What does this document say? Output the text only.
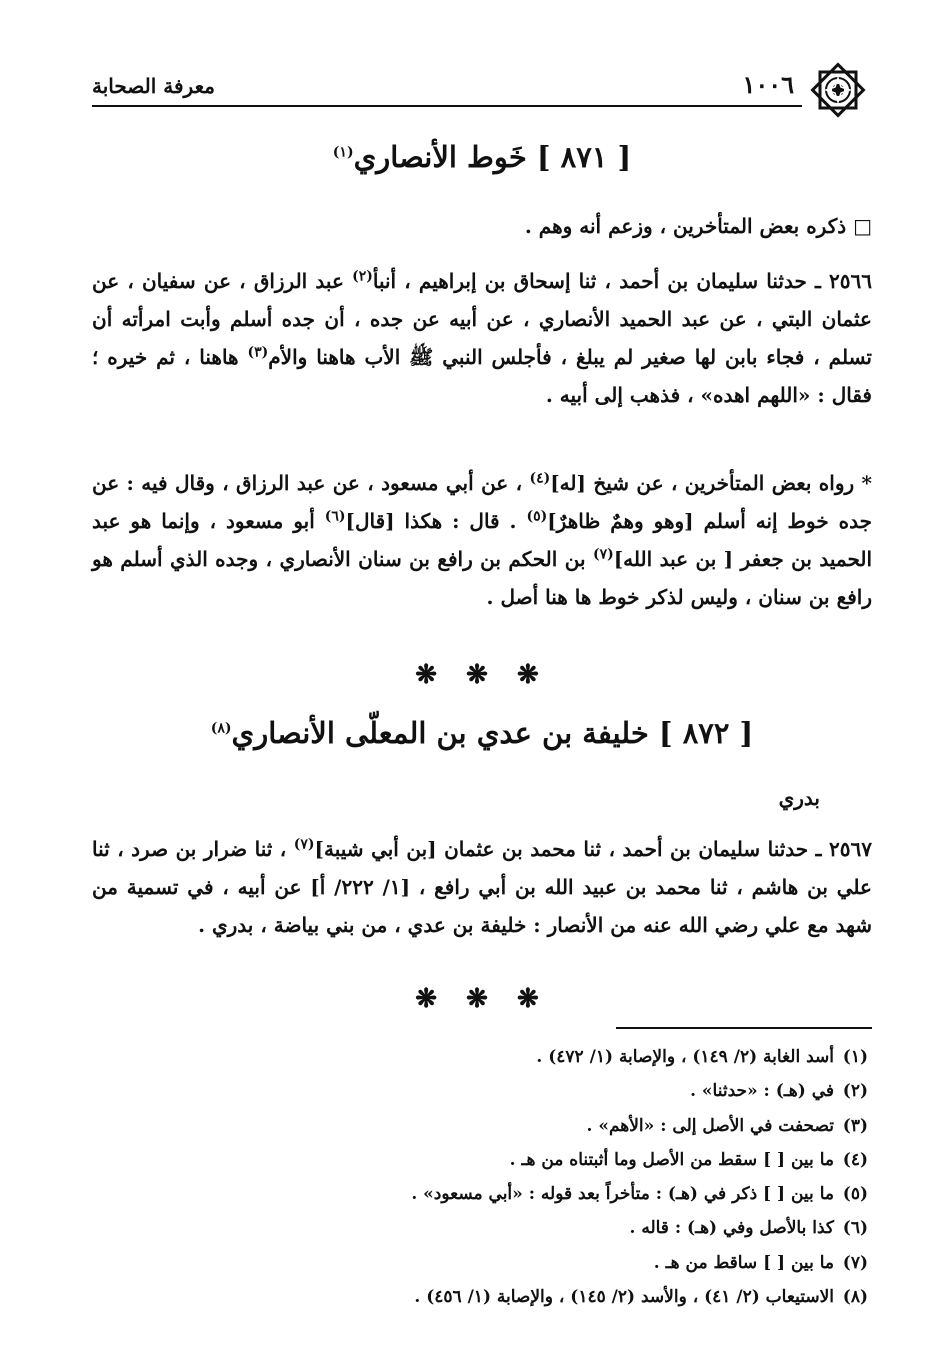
معرفة الصحابة	١٠٠٦
[ ٨٧١ ] خَوط الأنصاري$^{(١)}$
□ ذكره بعض المتأخرين ، وزعم أنه وهم .
٢٥٦٦ ـ حدثنا سليمان بن أحمد ، ثنا إسحاق بن إبراهيم ، أنبأ$^{(٢)}$ عبد الرزاق ، عن سفيان ، عن عثمان البتي ، عن عبد الحميد الأنصاري ، عن أبيه عن جده ، أن جده أسلم وأبت امرأته أن تسلم ، فجاء بابن لها صغير لم يبلغ ، فأجلس النبي ﷺ الأب هاهنا والأم$^{(٣)}$ هاهنا ، ثم خيره ؛ فقال : «اللهم اهده» ، فذهب إلى أبيه .
* رواه بعض المتأخرين ، عن شيخ [له]$^{(٤)}$ ، عن أبي مسعود ، عن عبد الرزاق ، وقال فيه : عن جده خوط إنه أسلم [وهو وهمٌ ظاهرٌ]$^{(٥)}$ . قال : هكذا [قال]$^{(٦)}$ أبو مسعود ، وإنما هو عبد الحميد بن جعفر [ بن عبد الله]$^{(٧)}$ بن الحكم بن رافع بن سنان الأنصاري ، وجده الذي أسلم هو رافع بن سنان ، وليس لذكر خوط ها هنا أصل .
❋ ❋ ❋
[ ٨٧٢ ] خليفة بن عدي بن المعلّى الأنصاري$^{(٨)}$
بدري
٢٥٦٧ ـ حدثنا سليمان بن أحمد ، ثنا محمد بن عثمان [بن أبي شيبة]$^{(٧)}$ ، ثنا ضرار بن صرد ، ثنا علي بن هاشم ، ثنا محمد بن عبيد الله بن أبي رافع ، [١/ ٢٢٢/ أ] عن أبيه ، في تسمية من شهد مع علي رضي الله عنه من الأنصار : خليفة بن عدي ، من بني بياضة ، بدري .
❋ ❋ ❋
(١)أسد الغابة (٢/ ١٤٩) ، والإصابة (١/ ٤٧٢) .
(٢)في (هـ) : «حدثنا» .
(٣)تصحفت في الأصل إلى : «الأهم» .
(٤)ما بين [ ] سقط من الأصل وما أثبتناه من هـ .
(٥)ما بين [ ] ذكر في (هـ) : متأخراً بعد قوله : «أبي مسعود» .
(٦)كذا بالأصل وفي (هـ) : قاله .
(٧)ما بين [ ] ساقط من هـ .
(٨)الاستيعاب (٢/ ٤١) ، والأسد (٢/ ١٤٥) ، والإصابة (١/ ٤٥٦) .
